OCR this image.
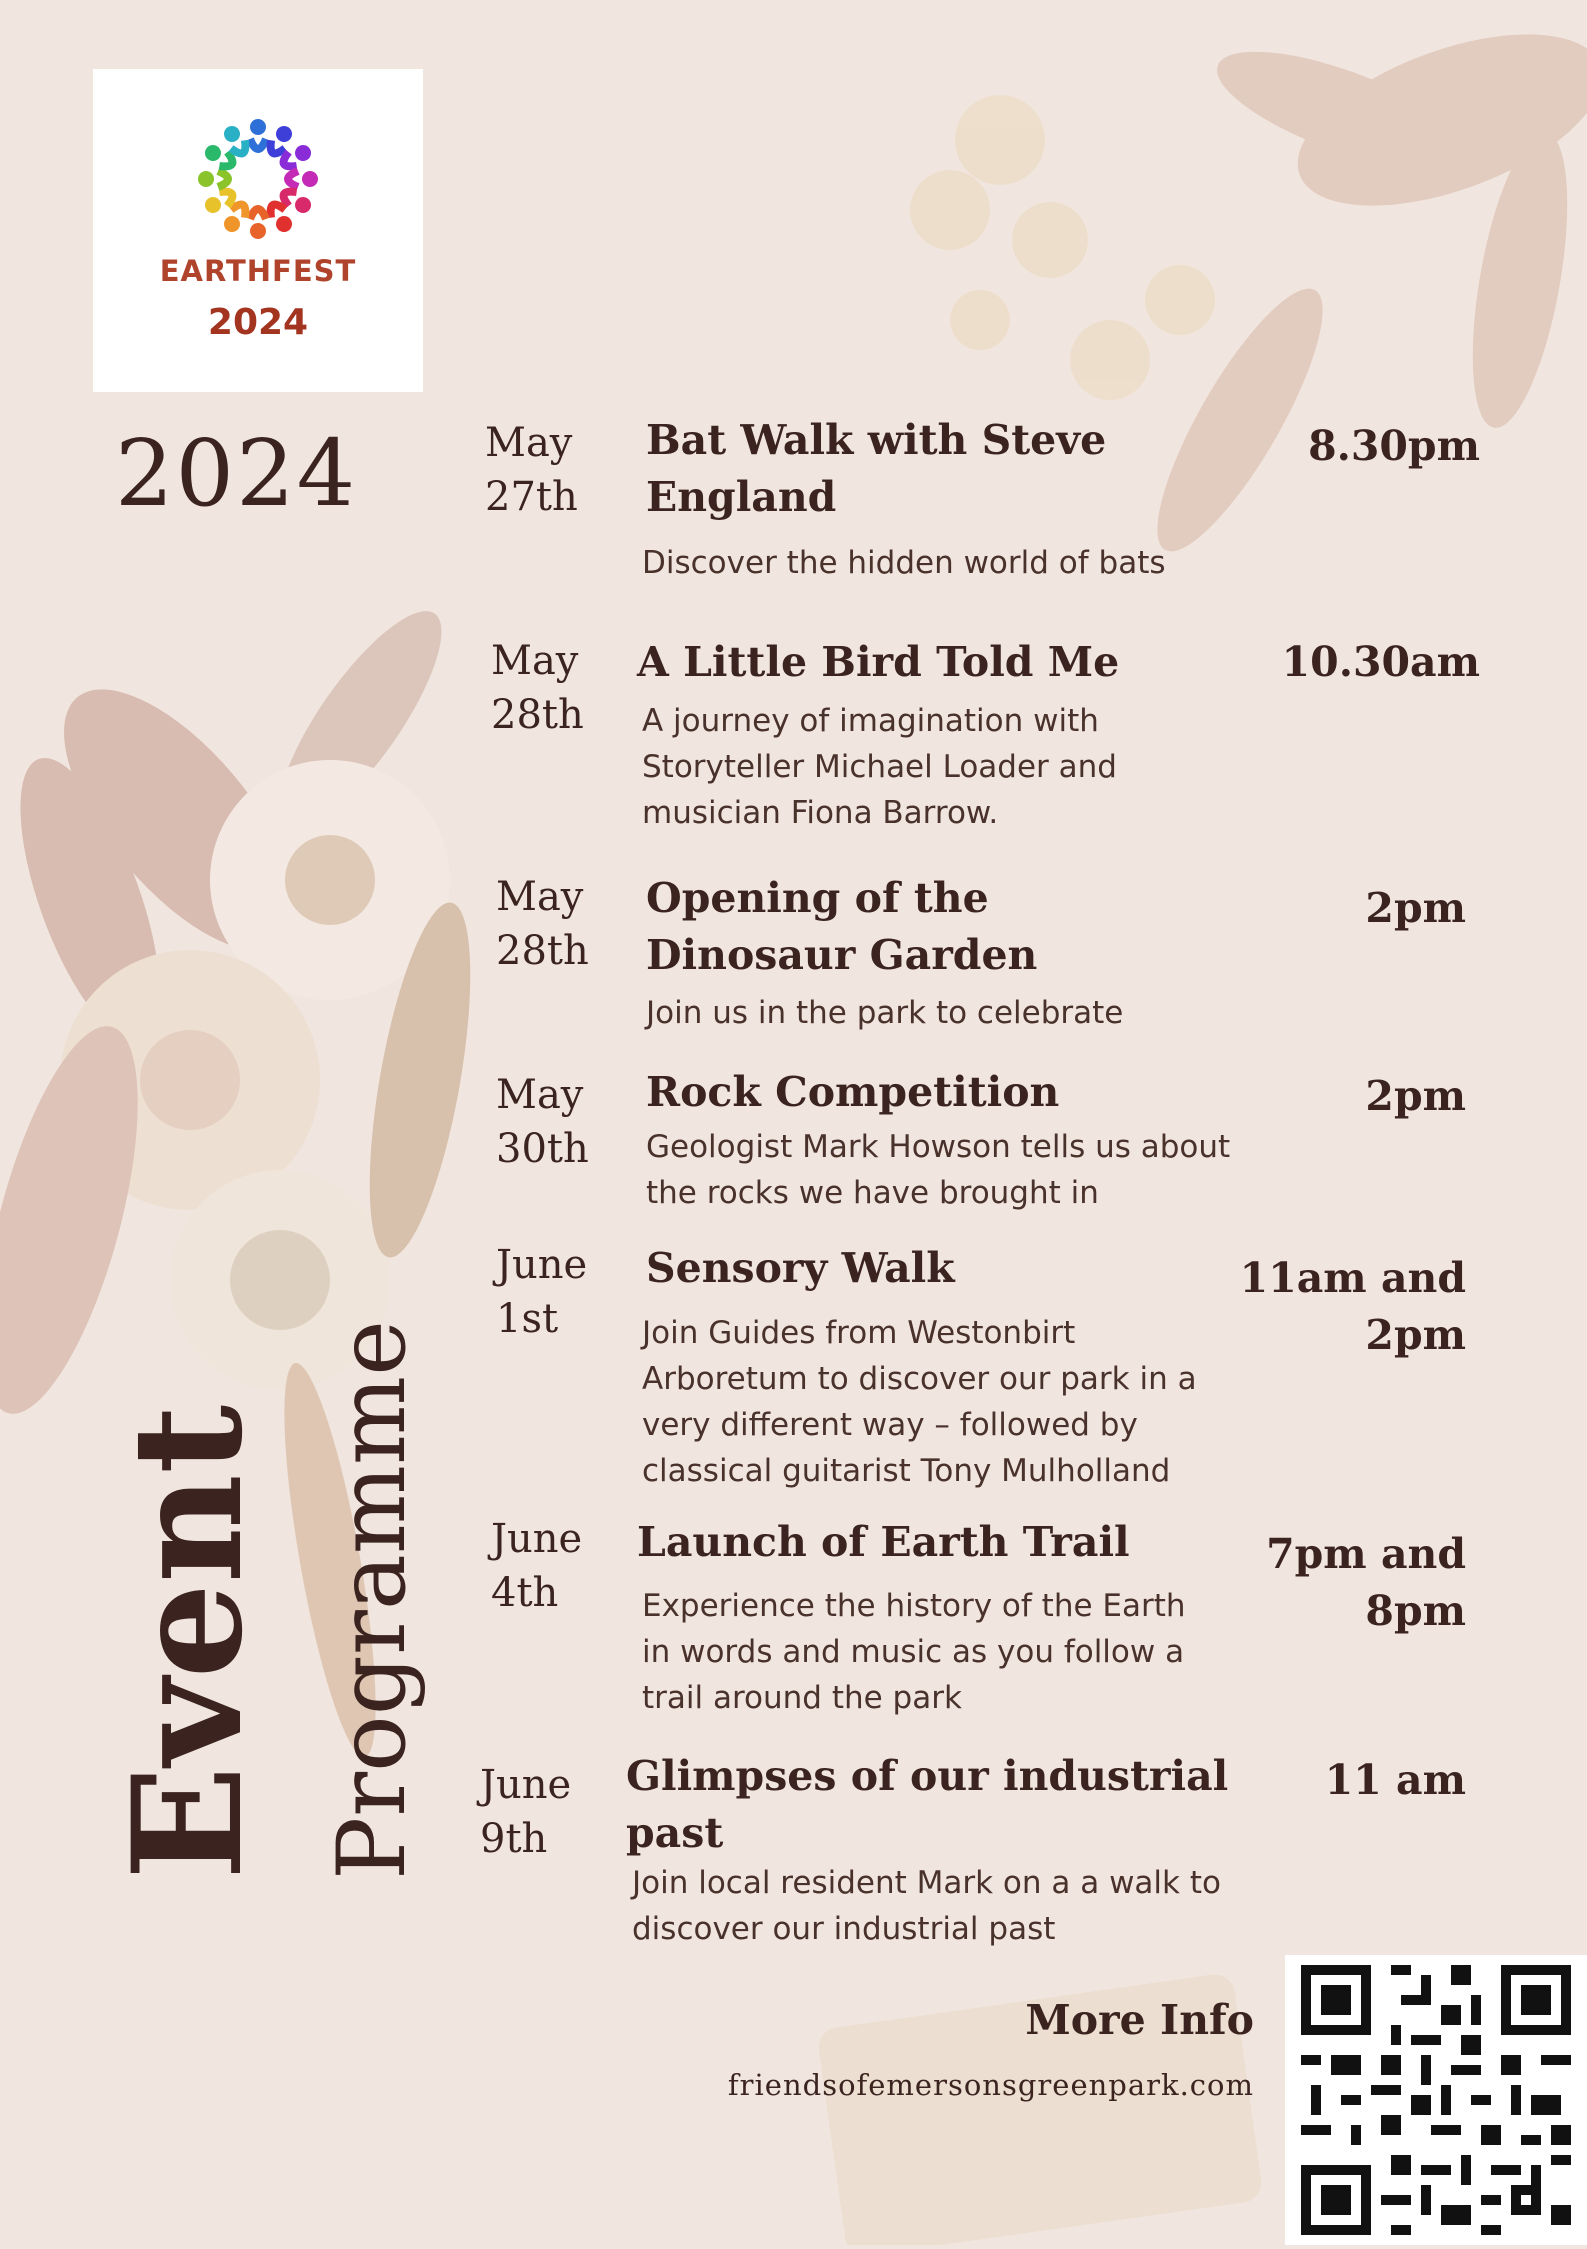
EARTHFEST
2024
2024
Event Programme
May
27th
Bat Walk with Steve England
Discover the hidden world of bats
8.30pm
May
28th
A Little Bird Told Me
A journey of imagination with Storyteller Michael Loader and musician Fiona Barrow.
10.30am
May
28th
Opening of the Dinosaur Garden
Join us in the park to celebrate
2pm
May
30th
Rock Competition
Geologist Mark Howson tells us about the rocks we have brought in
2pm
June
1st
Sensory Walk
Join Guides from Westonbirt Arboretum to discover our park in a very different way – followed by classical guitarist Tony Mulholland
11am and 2pm
June
4th
Launch of Earth Trail
Experience the history of the Earth in words and music as you follow a trail around the park
7pm and 8pm
June
9th
Glimpses of our industrial past
Join local resident Mark on a a walk to discover our industrial past
11 am
More Info
friendsofemersonsgreenpark.com
